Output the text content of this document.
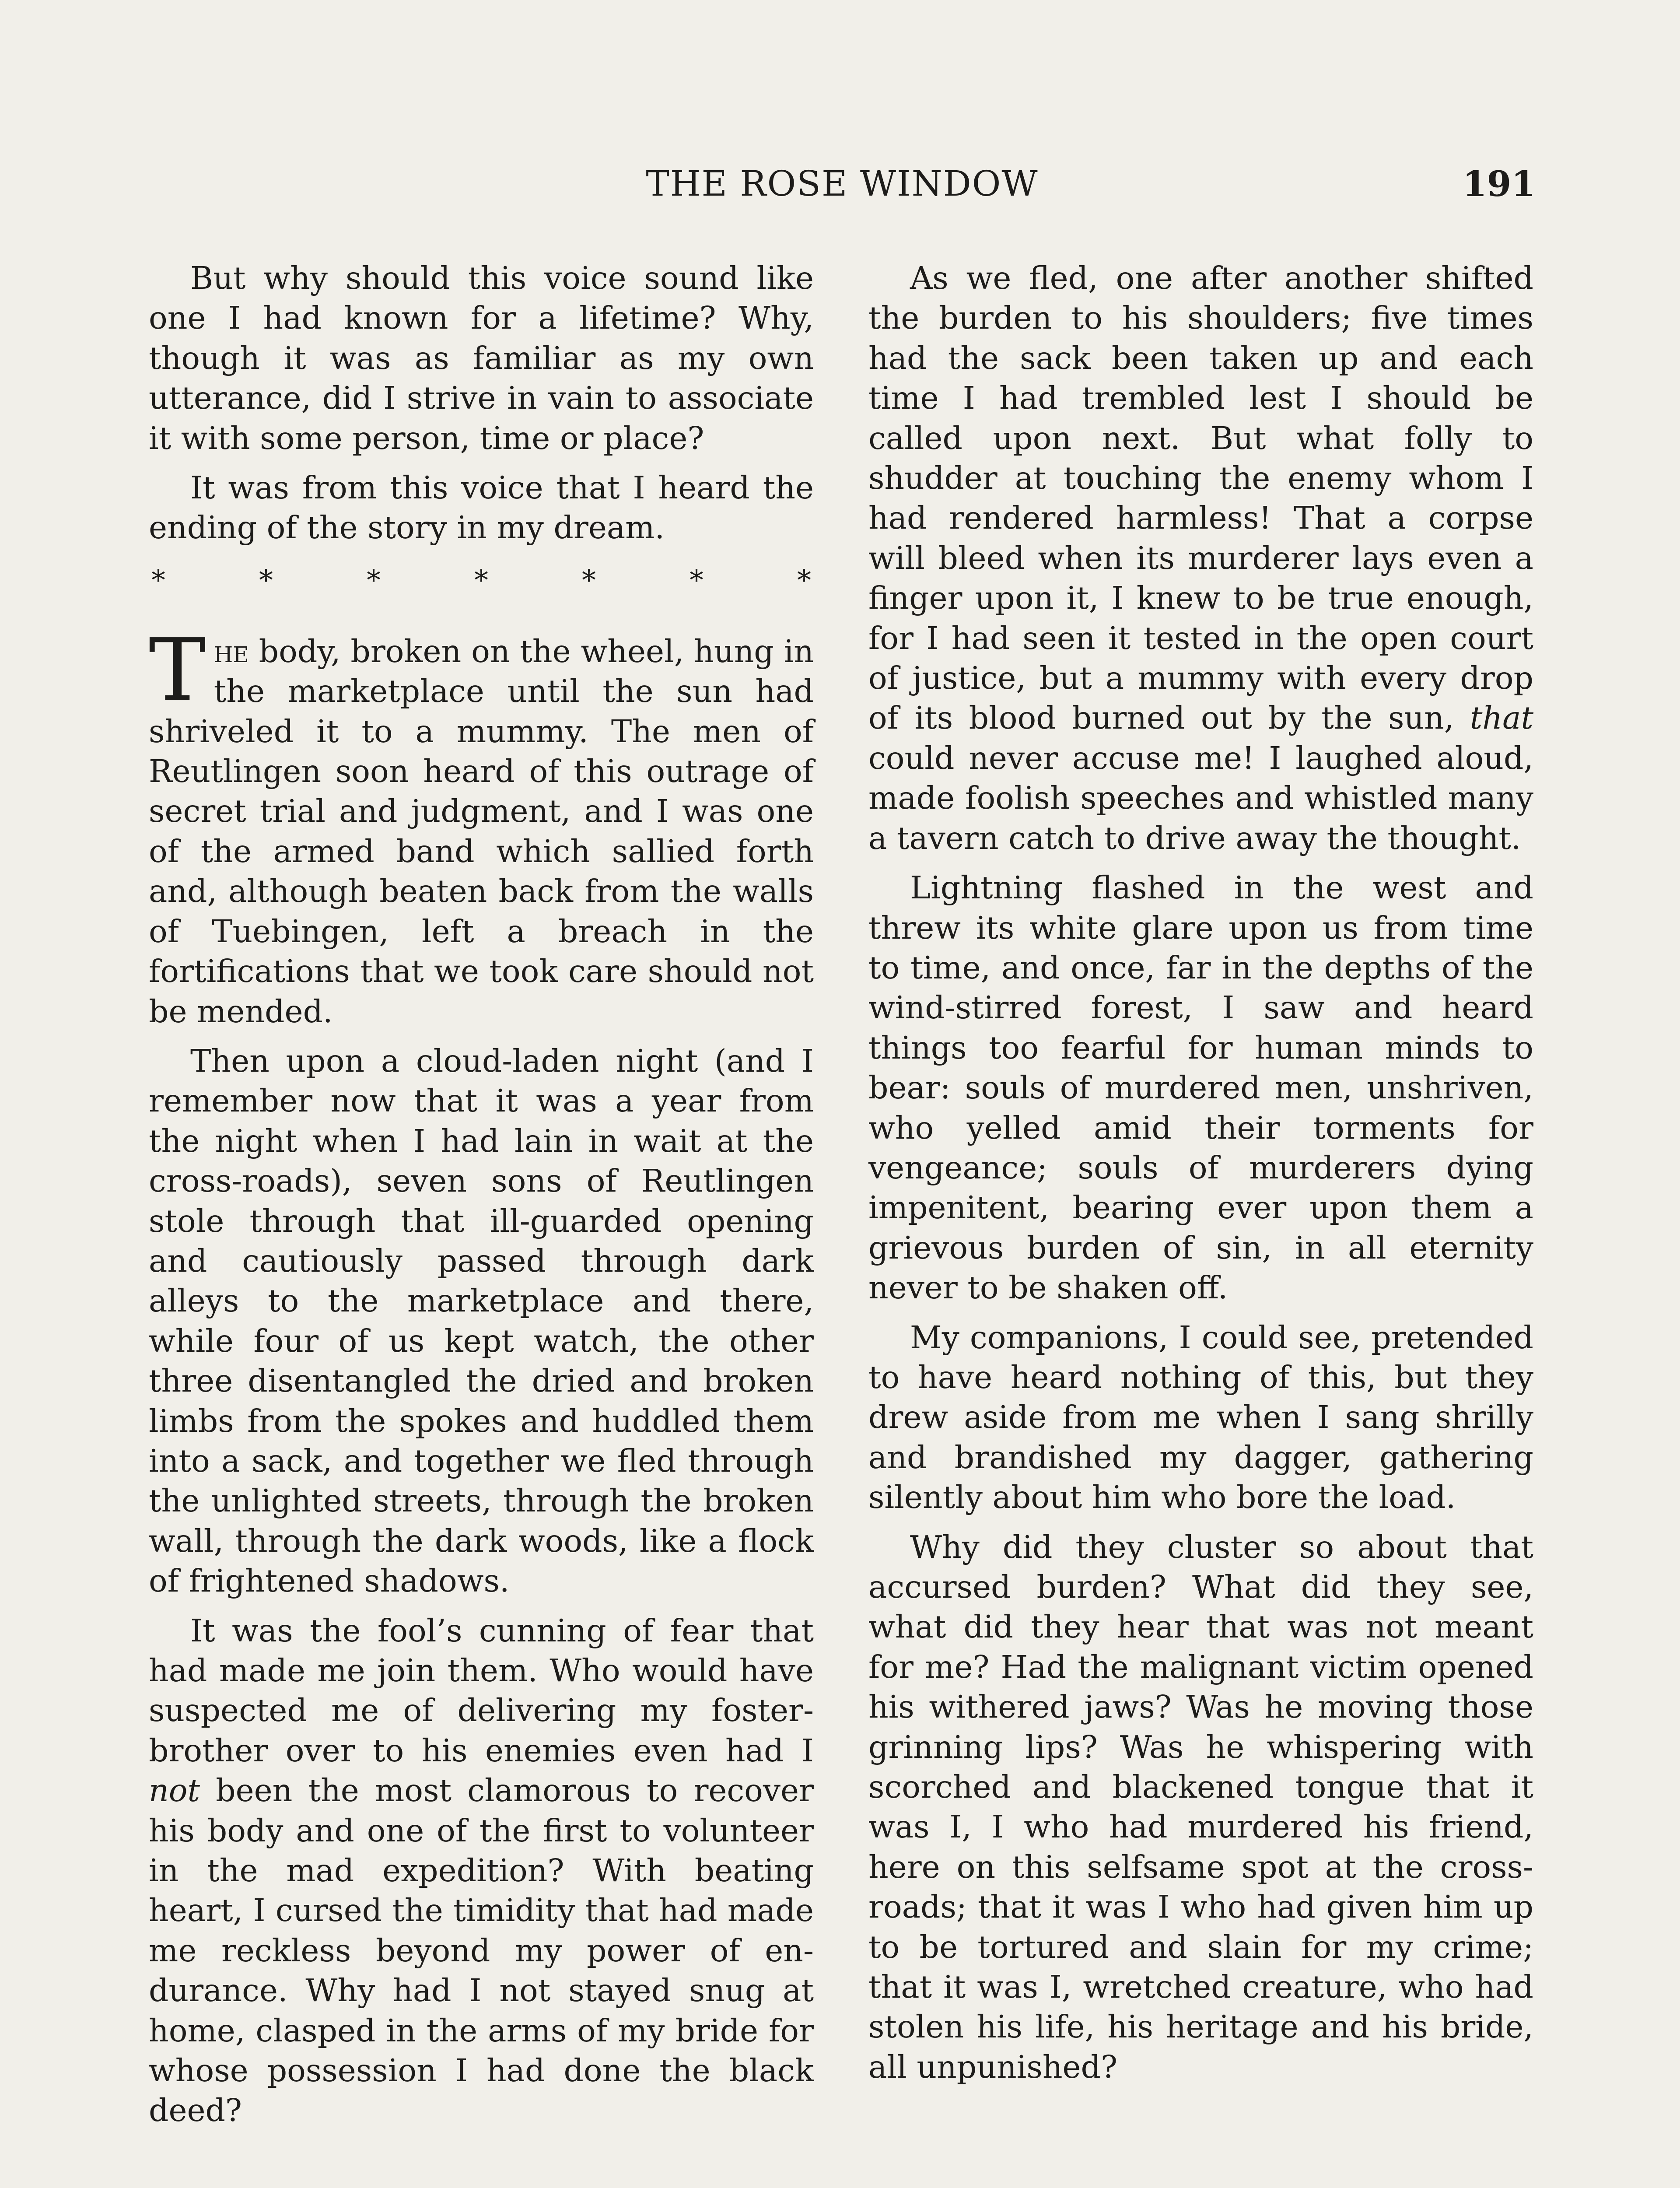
THE ROSE WINDOW	191

But why should this voice sound like one I had known for a lifetime? Why, though it was as familiar as my own utterance, did I strive in vain to associate it with some person, time or place?

It was from this voice that I heard the ending of the story in my dream.

*	*	*	*	*	*	*

The body, broken on the wheel, hung in the marketplace until the sun had shriveled it to a mummy. The men of Reutlingen soon heard of this outrage of secret trial and judgment, and I was one of the armed band which sallied forth and, although beaten back from the walls of Tuebingen, left a breach in the fortifications that we took care should not be mended.

Then upon a cloud-laden night (and I remember now that it was a year from the night when I had lain in wait at the cross-roads), seven sons of Reutlingen stole through that ill-guarded opening and cautiously passed through dark alleys to the marketplace and there, while four of us kept watch, the other three disentangled the dried and broken limbs from the spokes and huddled them into a sack, and together we fled through the unlighted streets, through the broken wall, through the dark woods, like a flock of frightened shadows.

It was the fool’s cunning of fear that had made me join them. Who would have suspected me of delivering my foster-brother over to his enemies even had I not been the most clamorous to recover his body and one of the first to volunteer in the mad expedition? With beating heart, I cursed the timidity that had made me reckless beyond my power of endurance. Why had I not stayed snug at home, clasped in the arms of my bride for whose possession I had done the black deed?

As we fled, one after another shifted the burden to his shoulders; five times had the sack been taken up and each time I had trembled lest I should be called upon next. But what folly to shudder at touching the enemy whom I had rendered harmless! That a corpse will bleed when its murderer lays even a finger upon it, I knew to be true enough, for I had seen it tested in the open court of justice, but a mummy with every drop of its blood burned out by the sun, that could never accuse me! I laughed aloud, made foolish speeches and whistled many a tavern catch to drive away the thought.

Lightning flashed in the west and threw its white glare upon us from time to time, and once, far in the depths of the wind-stirred forest, I saw and heard things too fearful for human minds to bear: souls of murdered men, unshriven, who yelled amid their torments for vengeance; souls of murderers dying impenitent, bearing ever upon them a grievous burden of sin, in all eternity never to be shaken off.

My companions, I could see, pretended to have heard nothing of this, but they drew aside from me when I sang shrilly and brandished my dagger, gathering silently about him who bore the load.

Why did they cluster so about that accursed burden? What did they see, what did they hear that was not meant for me? Had the malignant victim opened his withered jaws? Was he moving those grinning lips? Was he whispering with scorched and blackened tongue that it was I, I who had murdered his friend, here on this selfsame spot at the crossroads; that it was I who had given him up to be tortured and slain for my crime; that it was I, wretched creature, who had stolen his life, his heritage and his bride, all unpunished?
